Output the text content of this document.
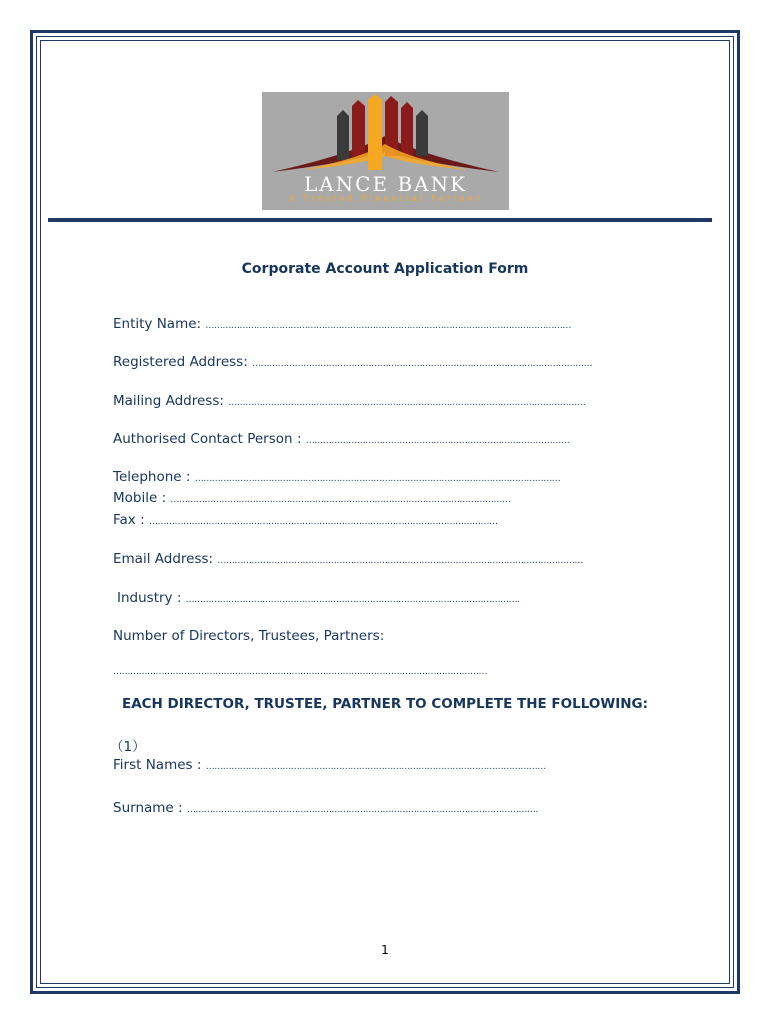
LANCE BANK
A Trusted Financial Partner
Corporate Account Application Form
Entity Name: …………………………………………………………………………………………………………………
Registered Address: …………………………………………………………………………………………………………
Mailing Address: ………………………………………………………………………………………………………………
Authorised Contact Person : …………………………………………………………………………………
Telephone : …………………………………………………………………………………………………………………
Mobile : …………………………………………………………………………………………………………
Fax : ……………………………………………………………………………………………………………
Email Address: …………………………………………………………………………………………………………………
Industry : ……………………………………………………………………………………………………….
Number of Directors, Trustees, Partners:
……………………………………………………………………………………………………………………
EACH DIRECTOR, TRUSTEE, PARTNER TO COMPLETE THE FOLLOWING:
（1）
First Names : …………………………………………………………………………………………………………
Surname : …………………………………………………………………………………………………………….
1
